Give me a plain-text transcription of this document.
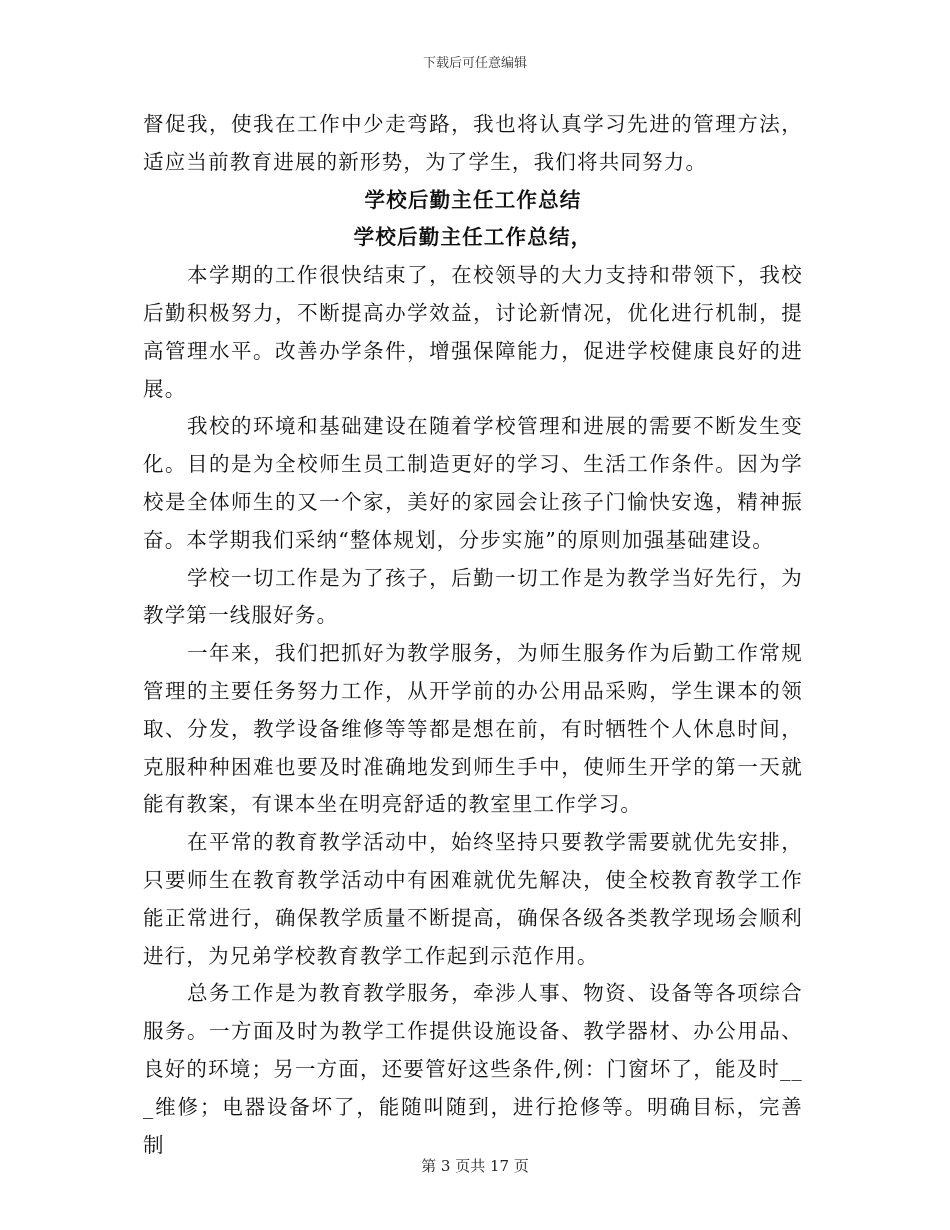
下载后可任意编辑

督促我，使我在工作中少走弯路，我也将认真学习先进的管理方法，适应当前教育进展的新形势，为了学生，我们将共同努力。

学校后勤主任工作总结

学校后勤主任工作总结，

本学期的工作很快结束了，在校领导的大力支持和带领下，我校后勤积极努力，不断提高办学效益，讨论新情况，优化进行机制，提高管理水平。改善办学条件，增强保障能力，促进学校健康良好的进展。

我校的环境和基础建设在随着学校管理和进展的需要不断发生变化。目的是为全校师生员工制造更好的学习、生活工作条件。因为学校是全体师生的又一个家，美好的家园会让孩子门愉快安逸，精神振奋。本学期我们采纳“整体规划，分步实施”的原则加强基础建设。

学校一切工作是为了孩子，后勤一切工作是为教学当好先行，为教学第一线服好务。

一年来，我们把抓好为教学服务，为师生服务作为后勤工作常规管理的主要任务努力工作，从开学前的办公用品采购，学生课本的领取、分发，教学设备维修等等都是想在前，有时牺牲个人休息时间，克服种种困难也要及时准确地发到师生手中，使师生开学的第一天就能有教案，有课本坐在明亮舒适的教室里工作学习。

在平常的教育教学活动中，始终坚持只要教学需要就优先安排，只要师生在教育教学活动中有困难就优先解决，使全校教育教学工作能正常进行，确保教学质量不断提高，确保各级各类教学现场会顺利进行，为兄弟学校教育教学工作起到示范作用。

总务工作是为教育教学服务，牵涉人事、物资、设备等各项综合服务。一方面及时为教学工作提供设施设备、教学器材、办公用品、良好的环境；另一方面，还要管好这些条件,例：门窗坏了，能及时___维修；电器设备坏了，能随叫随到，进行抢修等。明确目标，完善制

第 3 页共 17 页
